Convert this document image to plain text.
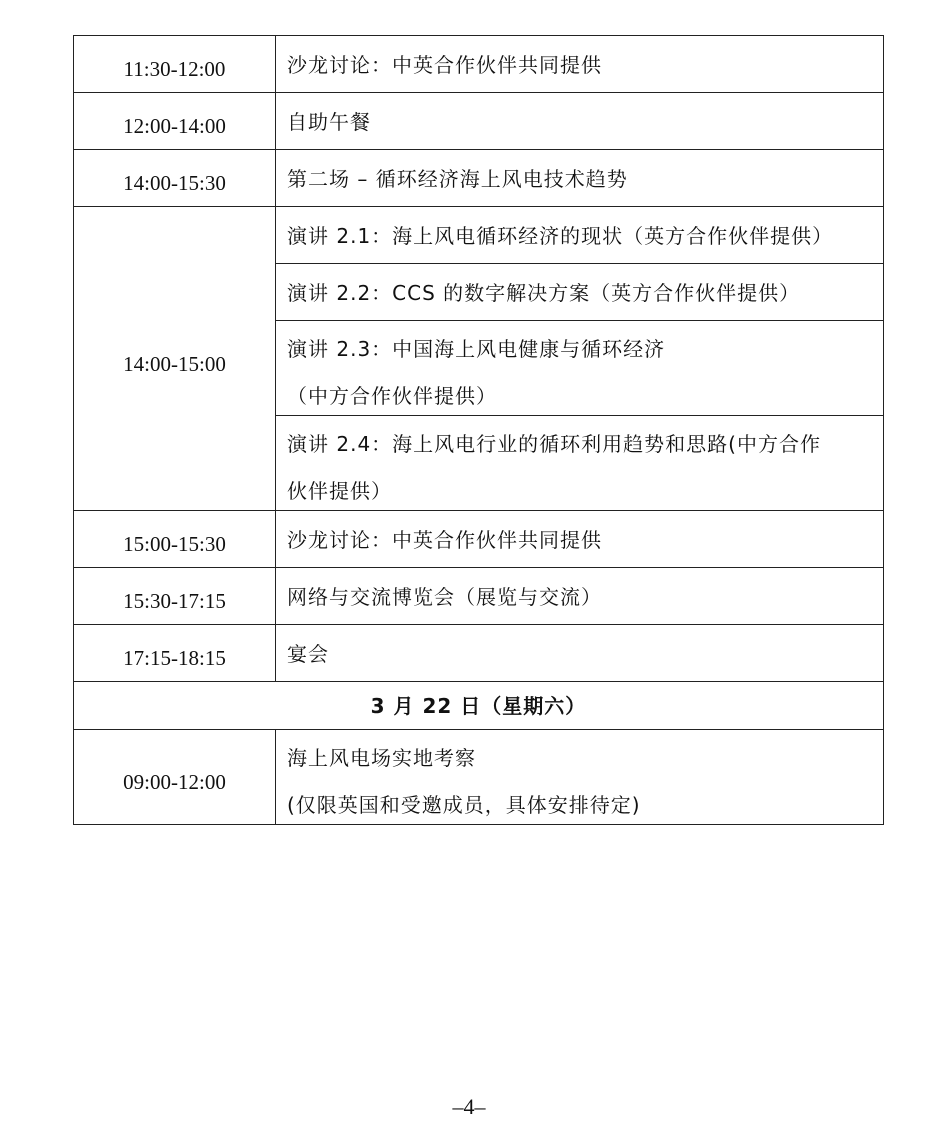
11:30-12:00	沙龙讨论：中英合作伙伴共同提供
12:00-14:00	自助午餐
14:00-15:30	第二场 – 循环经济海上风电技术趋势
14:00-15:00	演讲 2.1：海上风电循环经济的现状（英方合作伙伴提供）
	演讲 2.2：CCS 的数字解决方案（英方合作伙伴提供）
	演讲 2.3：中国海上风电健康与循环经济
（中方合作伙伴提供）

	演讲 2.4：海上风电行业的循环利用趋势和思路(中方合作
伙伴提供）

15:00-15:30	沙龙讨论：中英合作伙伴共同提供
15:30-17:15	网络与交流博览会（展览与交流）
17:15-18:15	宴会
3 月 22 日（星期六）	
09:00-12:00	海上风电场实地考察
(仅限英国和受邀成员，具体安排待定)
–4–
